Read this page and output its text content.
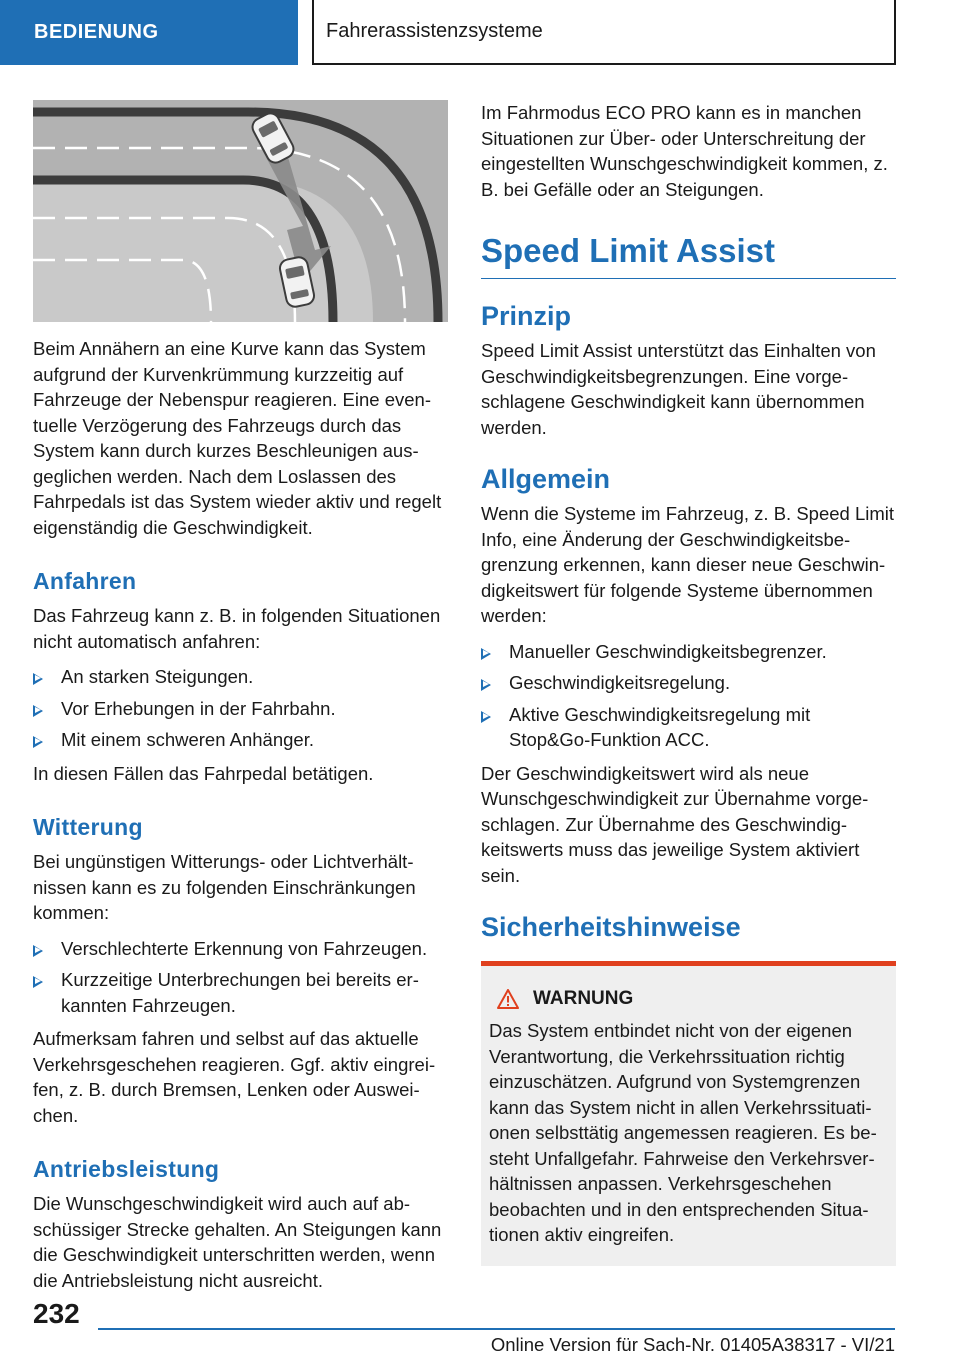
BEDIENUNG	Fahrerassistenzsysteme

Beim Annähern an eine Kurve kann das System aufgrund der Kurvenkrümmung kurzzeitig auf Fahrzeuge der Nebenspur reagieren. Eine eventuelle Verzögerung des Fahrzeugs durch das System kann durch kurzes Beschleunigen ausgeglichen werden. Nach dem Loslassen des Fahrpedals ist das System wieder aktiv und regelt eigenständig die Geschwindigkeit.

Anfahren

Das Fahrzeug kann z. B. in folgenden Situationen nicht automatisch anfahren:

An starken Steigungen.
Vor Erhebungen in der Fahrbahn.
Mit einem schweren Anhänger.

In diesen Fällen das Fahrpedal betätigen.

Witterung

Bei ungünstigen Witterungs- oder Lichtverhältnissen kann es zu folgenden Einschränkungen kommen:

Verschlechterte Erkennung von Fahrzeugen.
Kurzzeitige Unterbrechungen bei bereits erkannten Fahrzeugen.

Aufmerksam fahren und selbst auf das aktuelle Verkehrsgeschehen reagieren. Ggf. aktiv eingreifen, z. B. durch Bremsen, Lenken oder Ausweichen.

Antriebsleistung

Die Wunschgeschwindigkeit wird auch auf abschüssiger Strecke gehalten. An Steigungen kann die Geschwindigkeit unterschritten werden, wenn die Antriebsleistung nicht ausreicht.

Im Fahrmodus ECO PRO kann es in manchen Situationen zur Über- oder Unterschreitung der eingestellten Wunschgeschwindigkeit kommen, z. B. bei Gefälle oder an Steigungen.

Speed Limit Assist
Prinzip

Speed Limit Assist unterstützt das Einhalten von Geschwindigkeitsbegrenzungen. Eine vorgeschlagene Geschwindigkeit kann übernommen werden.

Allgemein

Wenn die Systeme im Fahrzeug, z. B. Speed Limit Info, eine Änderung der Geschwindigkeitsbegrenzung erkennen, kann dieser neue Geschwindigkeitswert für folgende Systeme übernommen werden:

Manueller Geschwindigkeitsbegrenzer.
Geschwindigkeitsregelung.
Aktive Geschwindigkeitsregelung mit Stop&Go-Funktion ACC.

Der Geschwindigkeitswert wird als neue Wunschgeschwindigkeit zur Übernahme vorgeschlagen. Zur Übernahme des Geschwindigkeitswerts muss das jeweilige System aktiviert sein.

Sicherheitshinweise
WARNUNG

Das System entbindet nicht von der eigenen Verantwortung, die Verkehrssituation richtig einzuschätzen. Aufgrund von Systemgrenzen kann das System nicht in allen Verkehrssituationen selbsttätig angemessen reagieren. Es besteht Unfallgefahr. Fahrweise den Verkehrsverhältnissen anpassen. Verkehrsgeschehen beobachten und in den entsprechenden Situationen aktiv eingreifen.

232
Online Version für Sach-Nr. 01405A38317 - VI/21
